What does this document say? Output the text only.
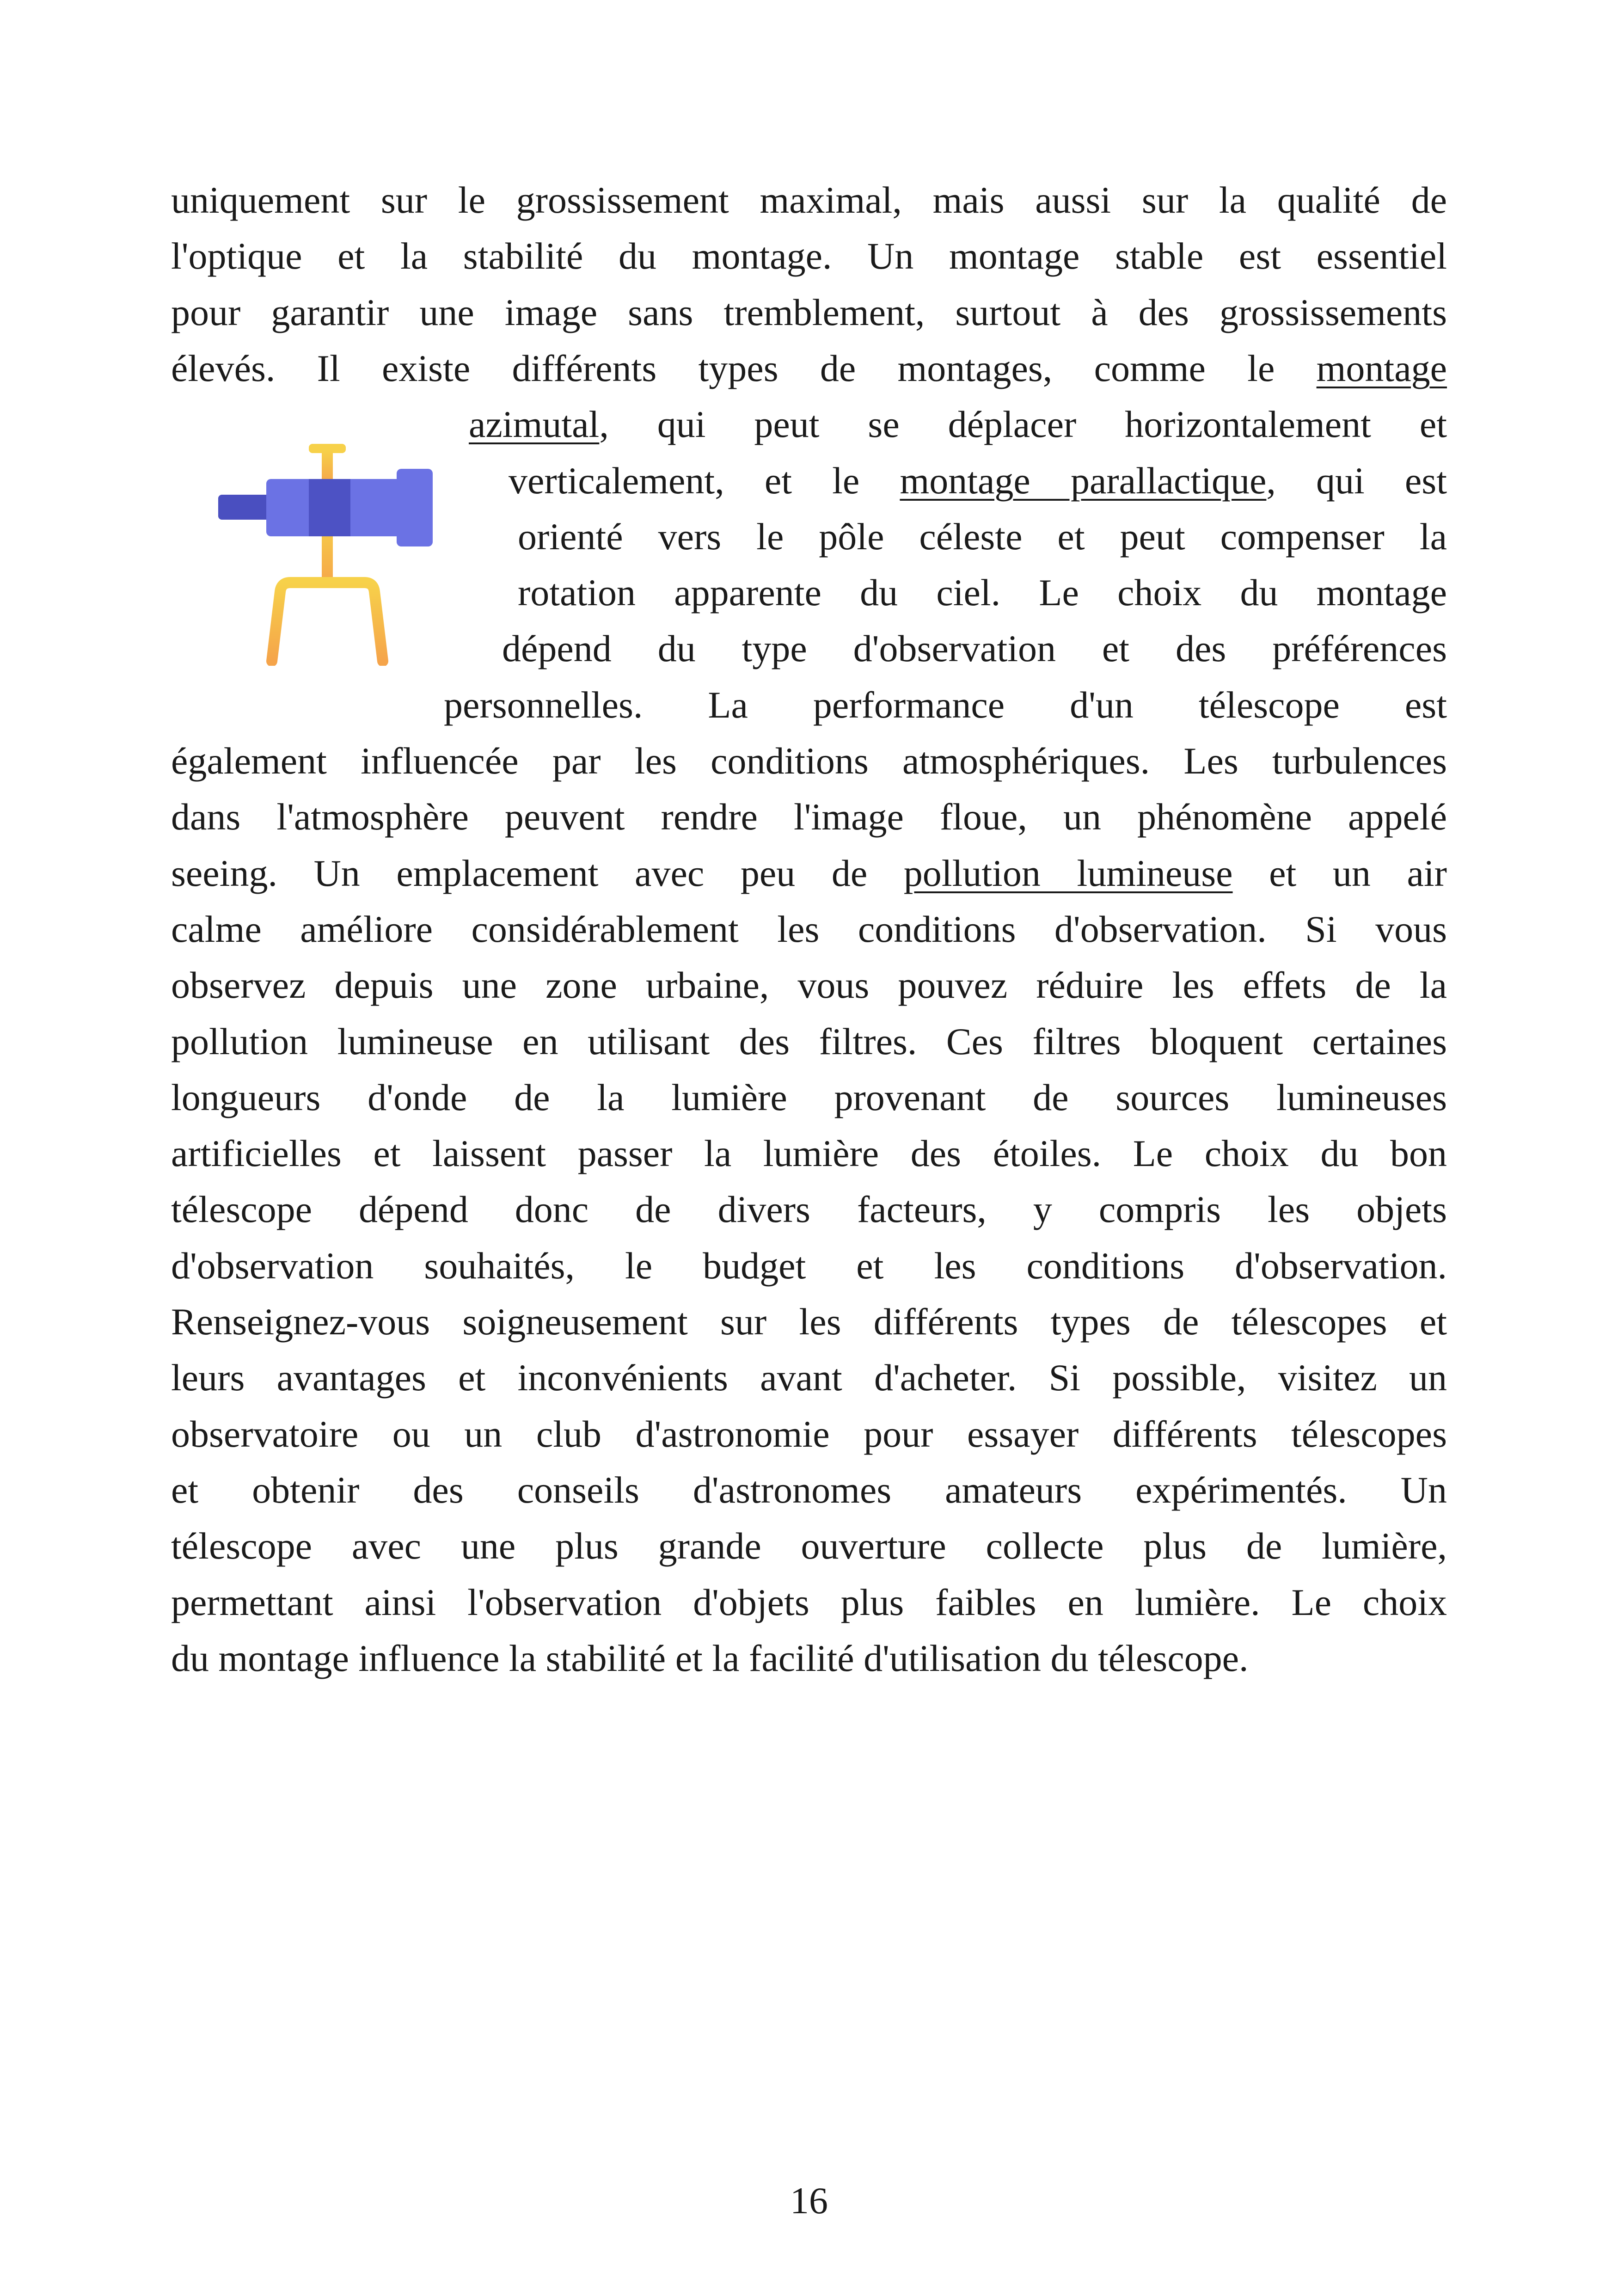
uniquement sur le grossissement maximal, mais aussi sur la qualité de
l'optique et la stabilité du montage. Un montage stable est essentiel
pour garantir une image sans tremblement, surtout à des grossissements
élevés. Il existe différents types de montages, comme le montage
azimutal, qui peut se déplacer horizontalement et
verticalement, et le montage parallactique, qui est
orienté vers le pôle céleste et peut compenser la
rotation apparente du ciel. Le choix du montage
dépend du type d'observation et des préférences
personnelles. La performance d'un télescope est
également influencée par les conditions atmosphériques. Les turbulences
dans l'atmosphère peuvent rendre l'image floue, un phénomène appelé
seeing. Un emplacement avec peu de pollution lumineuse et un air
calme améliore considérablement les conditions d'observation. Si vous
observez depuis une zone urbaine, vous pouvez réduire les effets de la
pollution lumineuse en utilisant des filtres. Ces filtres bloquent certaines
longueurs d'onde de la lumière provenant de sources lumineuses
artificielles et laissent passer la lumière des étoiles. Le choix du bon
télescope dépend donc de divers facteurs, y compris les objets
d'observation souhaités, le budget et les conditions d'observation.
Renseignez-vous soigneusement sur les différents types de télescopes et
leurs avantages et inconvénients avant d'acheter. Si possible, visitez un
observatoire ou un club d'astronomie pour essayer différents télescopes
et obtenir des conseils d'astronomes amateurs expérimentés. Un
télescope avec une plus grande ouverture collecte plus de lumière,
permettant ainsi l'observation d'objets plus faibles en lumière. Le choix
du montage influence la stabilité et la facilité d'utilisation du télescope.
16
